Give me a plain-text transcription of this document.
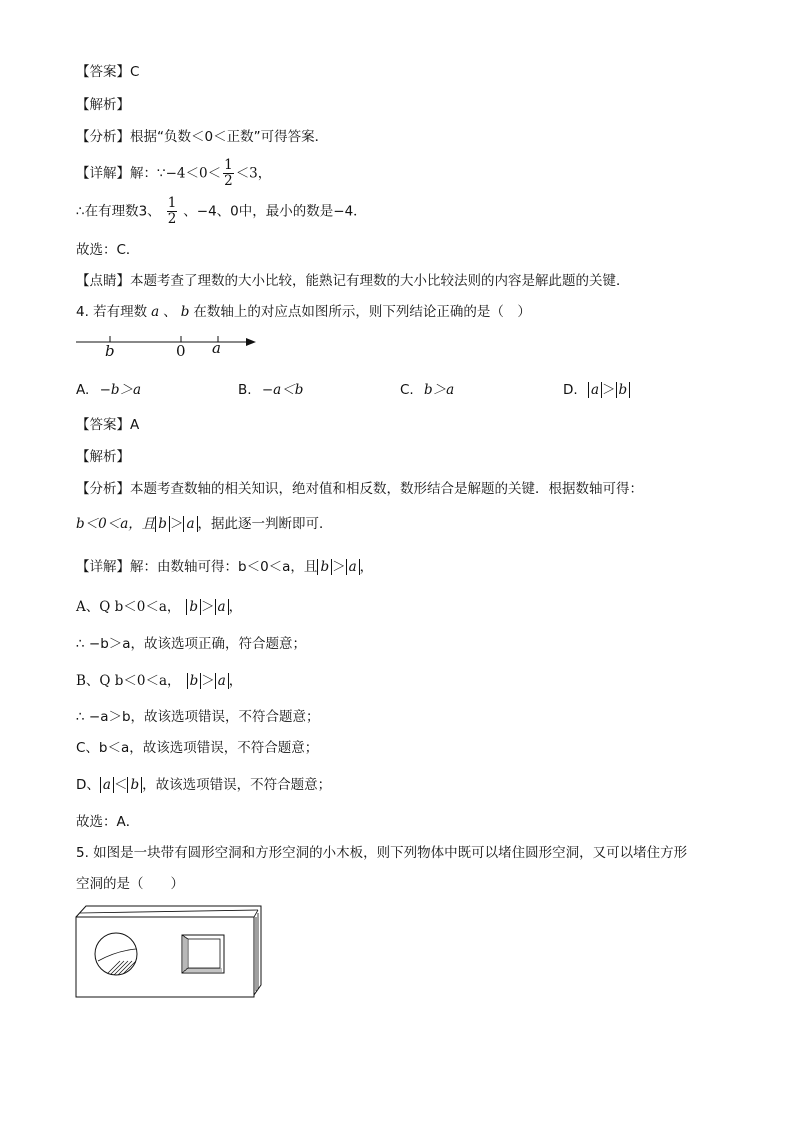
【答案】C
【解析】
【分析】根据“负数＜0＜正数”可得答案．
【详解】解：∵−4＜0＜ $\frac{1}{2} <3$，
∴在有理数3、 $\frac{1}{2}$ 、−4、0中，最小的数是−4．
故选：C．
【点睛】本题考查了理数的大小比较，能熟记有理数的大小比较法则的内容是解此题的关键．
4. 若有理数 a 、 b 在数轴上的对应点如图所示，则下列结论正确的是（　）
b	0 a
A. −b＞a	B. −a＜b	C. b＞a	D. a ＞ b
【答案】A
【解析】
【分析】本题考查数轴的相关知识，绝对值和相反数，数形结合是解题的关键．根据数轴可得：
b＜0＜a，且 b ＞ a ，据此逐一判断即可．
【详解】解：由数轴可得：b＜0＜a，且 b ＞ a ，
A、Q b＜0＜a， b ＞ a ，
∴ −b＞a，故该选项正确，符合题意；
B、Q b＜0＜a， b ＞ a ，
∴ −a＞b，故该选项错误，不符合题意；
C、b＜a，故该选项错误，不符合题意；
D、 a ＜ b ，故该选项错误，不符合题意；
故选：A．
5. 如图是一块带有圆形空洞和方形空洞的小木板，则下列物体中既可以堵住圆形空洞，又可以堵住方形
空洞的是（　　）
